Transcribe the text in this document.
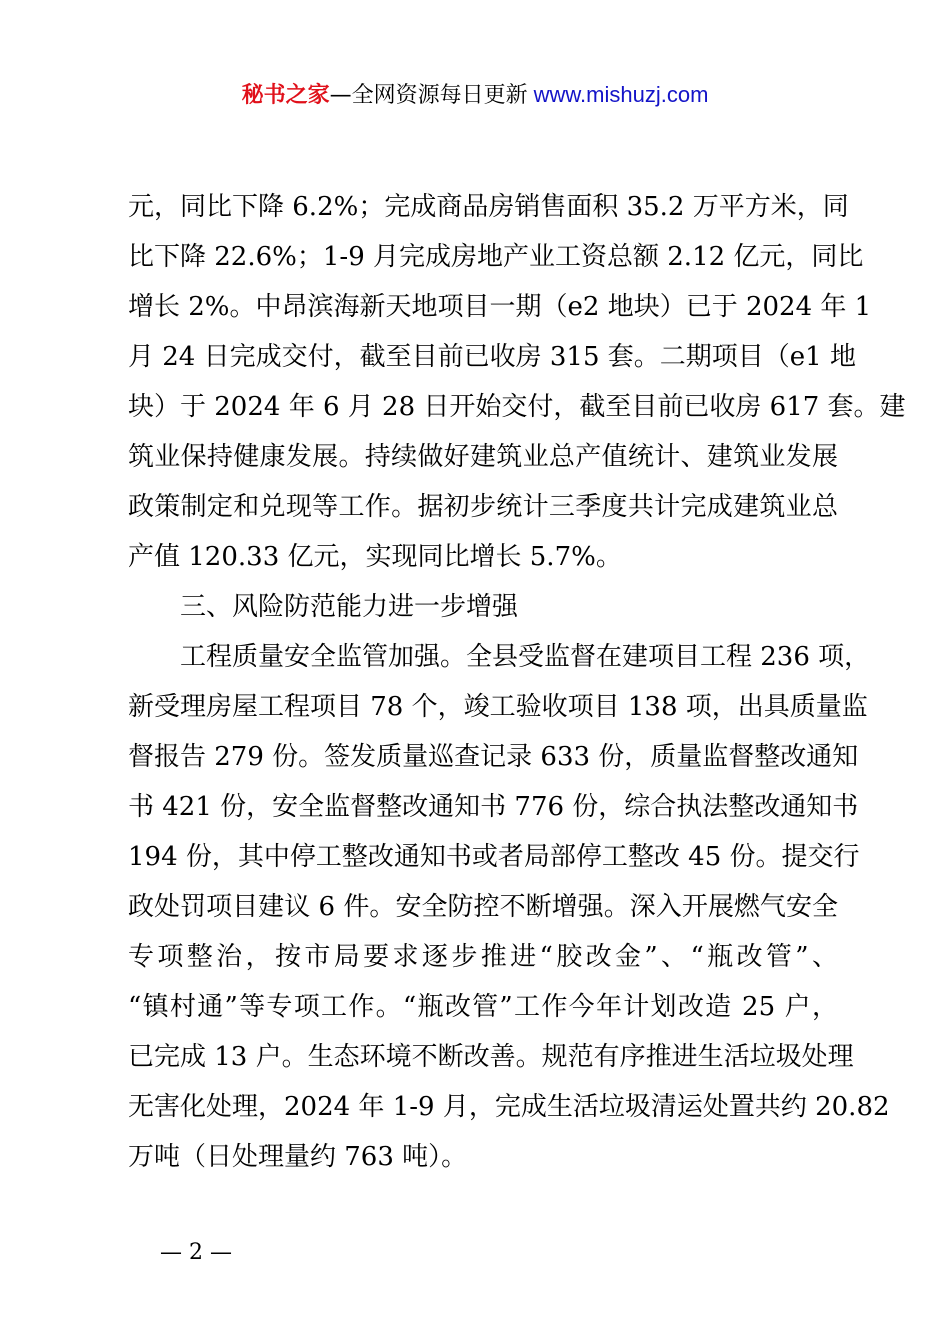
秘书之家—全网资源每日更新 www.mishuzj.com
元，同比下降 6.2%；完成商品房销售面积 35.2 万平方米，同
比下降 22.6%；1-9 月完成房地产业工资总额 2.12 亿元，同比
增长 2%。中昂滨海新天地项目一期（e2 地块）已于 2024 年 1
月 24 日完成交付，截至目前已收房 315 套。二期项目（e1 地
块）于 2024 年 6 月 28 日开始交付，截至目前已收房 617 套。建
筑业保持健康发展。持续做好建筑业总产值统计、建筑业发展
政策制定和兑现等工作。据初步统计三季度共计完成建筑业总
产值 120.33 亿元，实现同比增长 5.7%。
三、风险防范能力进一步增强
工程质量安全监管加强。全县受监督在建项目工程 236 项，
新受理房屋工程项目 78 个，竣工验收项目 138 项，出具质量监
督报告 279 份。签发质量巡查记录 633 份，质量监督整改通知
书 421 份，安全监督整改通知书 776 份，综合执法整改通知书
194 份，其中停工整改通知书或者局部停工整改 45 份。提交行
政处罚项目建议 6 件。安全防控不断增强。深入开展燃气安全
专项整治，按市局要求逐步推进“胶改金”、“瓶改管”、
“镇村通”等专项工作。“瓶改管”工作今年计划改造 25 户，
已完成 13 户。生态环境不断改善。规范有序推进生活垃圾处理
无害化处理，2024 年 1-9 月，完成生活垃圾清运处置共约 20.82
万吨（日处理量约 763 吨）。
— 2 —
